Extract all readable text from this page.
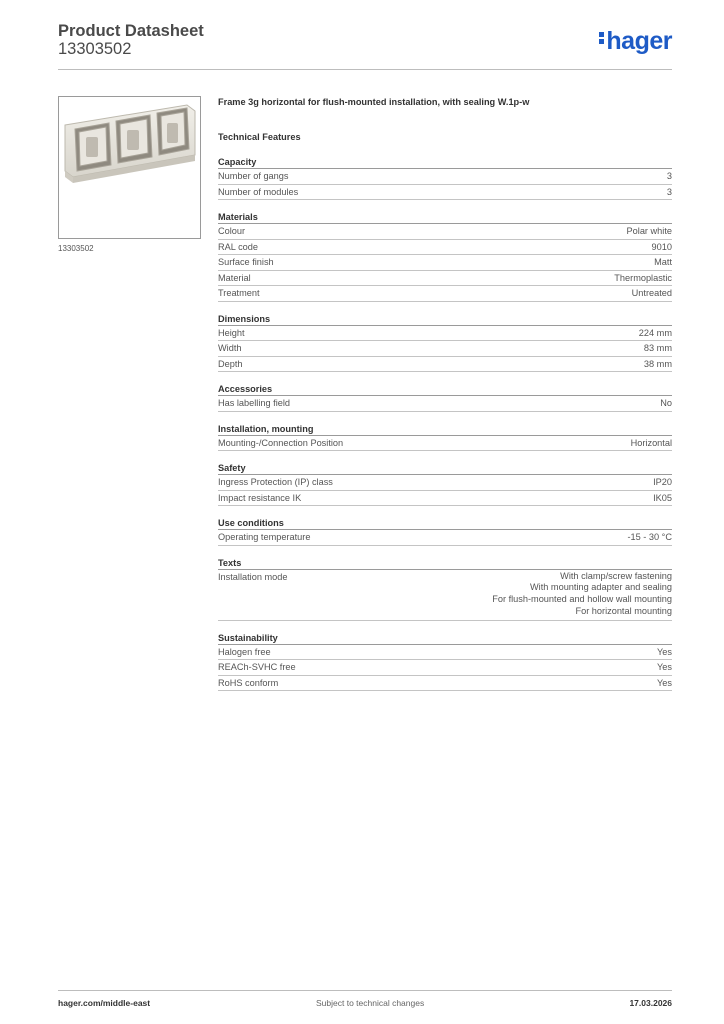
Product Datasheet
13303502	hager
13303502
Frame 3g horizontal for flush-mounted installation, with sealing W.1p-w
Technical Features
Capacity
Number of gangs	3
Number of modules	3
Materials
Colour	Polar white
RAL code	9010
Surface finish	Matt
Material	Thermoplastic
Treatment	Untreated
Dimensions
Height	224 mm
Width	83 mm
Depth	38 mm
Accessories
Has labelling field	No
Installation, mounting
Mounting-/Connection Position	Horizontal
Safety
Ingress Protection (IP) class	IP20
Impact resistance IK	IK05
Use conditions
Operating temperature	-15 - 30 °C
Texts
Installation mode	With clamp/screw fastening
With mounting adapter and sealing
For flush-mounted and hollow wall mounting
For horizontal mounting
Sustainability
Halogen free	Yes
REACh-SVHC free	Yes
RoHS conform	Yes
hager.com/middle-east	Subject to technical changes	17.03.2026
